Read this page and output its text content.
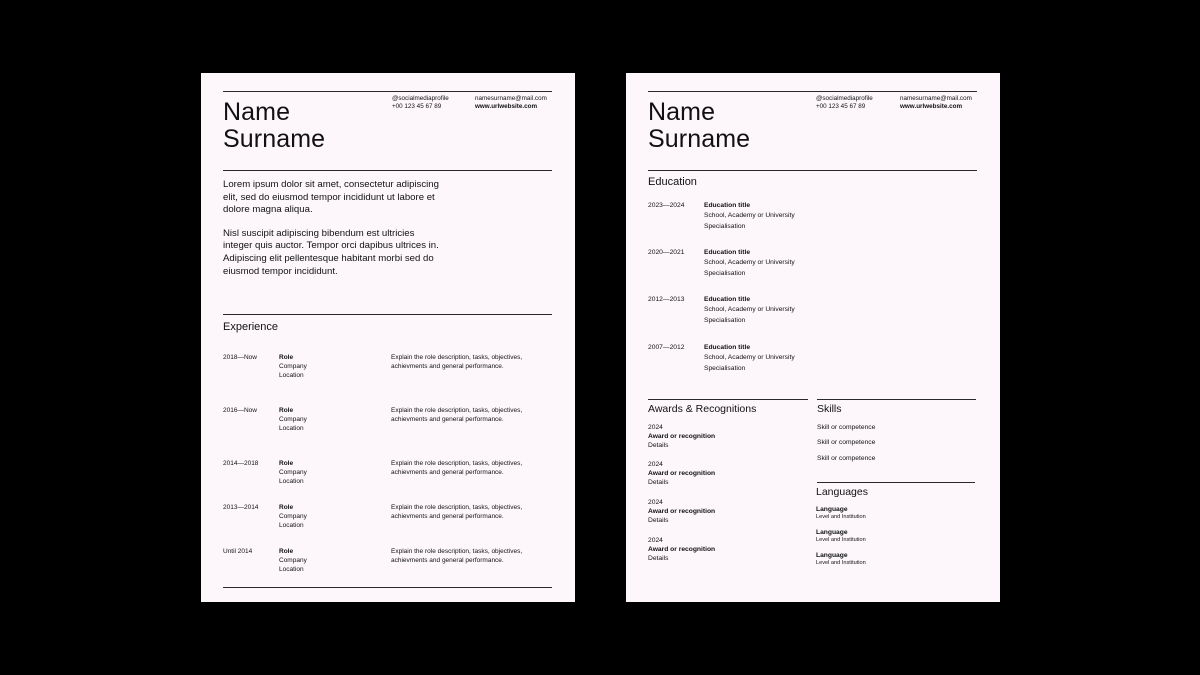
Name
Surname
@socialmediaprofile
+00 123 45 67 89
namesurname@mail.com
www.urlwebsite.com

Lorem ipsum dolor sit amet, consectetur adipiscing elit, sed do eiusmod tempor incididunt ut labore et dolore magna aliqua.

Nisl suscipit adipiscing bibendum est ultricies integer quis auctor. Tempor orci dapibus ultrices in. Adipiscing elit pellentesque habitant morbi sed do eiusmod tempor incididunt.

Experience
2018—Now	Role
Company
Location
Explain the role description, tasks, objectives, achievments and general performance.
2016—Now	Role
Company
Location
Explain the role description, tasks, objectives, achievments and general performance.
2014—2018	Role
Company
Location
Explain the role description, tasks, objectives, achievments and general performance.
2013—2014	Role
Company
Location
Explain the role description, tasks, objectives, achievments and general performance.
Until 2014	Role
Company
Location
Explain the role description, tasks, objectives, achievments and general performance.
Name
Surname
@socialmediaprofile
+00 123 45 67 89
namesurname@mail.com
www.urlwebsite.com
Education
2023—2024	Education title
School, Academy or University
Specialisation
2020—2021	Education title
School, Academy or University
Specialisation
2012—2013	Education title
School, Academy or University
Specialisation
2007—2012	Education title
School, Academy or University
Specialisation
Awards & Recognitions
2024
Award or recognition
Details
2024
Award or recognition
Details
2024
Award or recognition
Details
2024
Award or recognition
Details
Skills
Skill or competence
Skill or competence
Skill or competence
Languages
Language
Level and Institution
Language
Level and Institution
Language
Level and Institution
